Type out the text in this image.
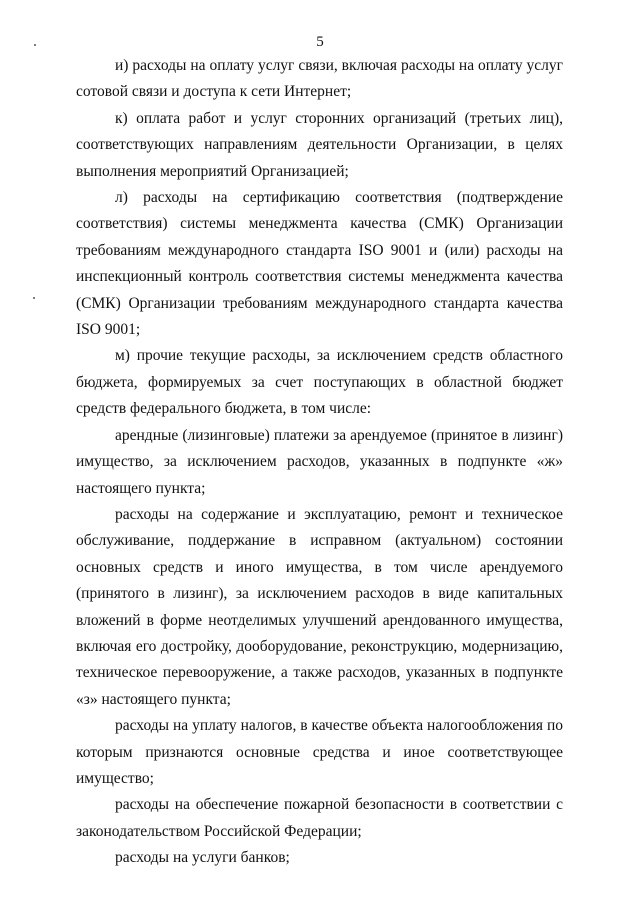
5

и) расходы на оплату услуг связи, включая расходы на оплату услуг сотовой связи и доступа к сети Интернет;

к) оплата работ и услуг сторонних организаций (третьих лиц), соответствующих направлениям деятельности Организации, в целях выполнения мероприятий Организацией;

л) расходы на сертификацию соответствия (подтверждение соответствия) системы менеджмента качества (СМК) Организации требованиям международного стандарта ISO 9001 и (или) расходы на инспекционный контроль соответствия системы менеджмента качества (СМК) Организации требованиям международного стандарта качества ISO 9001;

м) прочие текущие расходы, за исключением средств областного бюджета, формируемых за счет поступающих в областной бюджет средств федерального бюджета, в том числе:

арендные (лизинговые) платежи за арендуемое (принятое в лизинг) имущество, за исключением расходов, указанных в подпункте «ж» настоящего пункта;

расходы на содержание и эксплуатацию, ремонт и техническое обслуживание, поддержание в исправном (актуальном) состоянии основных средств и иного имущества, в том числе арендуемого (принятого в лизинг), за исключением расходов в виде капитальных вложений в форме неотделимых улучшений арендованного имущества, включая его достройку, дооборудование, реконструкцию, модернизацию, техническое перевооружение, а также расходов, указанных в подпункте «з» настоящего пункта;

расходы на уплату налогов, в качестве объекта налогообложения по которым признаются основные средства и иное соответствующее имущество;

расходы на обеспечение пожарной безопасности в соответствии с законодательством Российской Федерации;

расходы на услуги банков;
